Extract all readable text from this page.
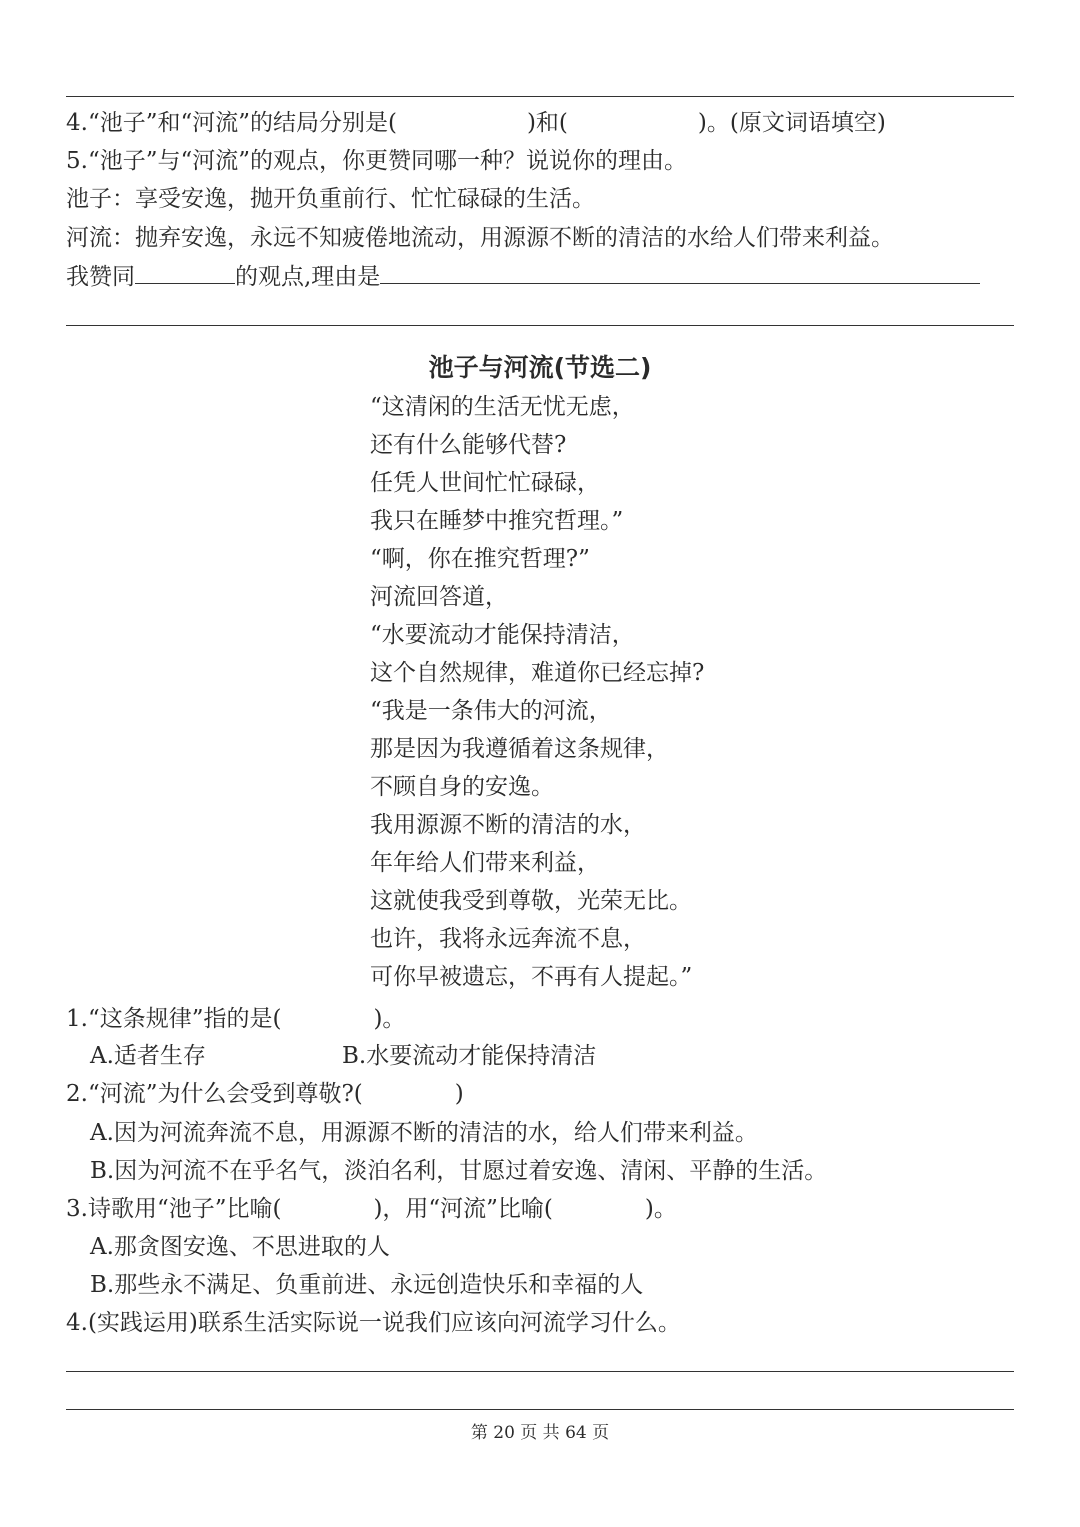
4.“池子”和“河流”的结局分别是(	)和(	)。(原文词语填空)
5.“池子”与“河流”的观点，你更赞同哪一种？说说你的理由。
池子：享受安逸，抛开负重前行、忙忙碌碌的生活。
河流：抛弃安逸，永远不知疲倦地流动，用源源不断的清洁的水给人们带来利益。
我赞同	的观点,理由是
池子与河流(节选二)
“这清闲的生活无忧无虑，
还有什么能够代替?
任凭人世间忙忙碌碌，
我只在睡梦中推究哲理。”
“啊，你在推究哲理?”
河流回答道，
“水要流动才能保持清洁，
这个自然规律，难道你已经忘掉?
“我是一条伟大的河流，
那是因为我遵循着这条规律，
不顾自身的安逸。
我用源源不断的清洁的水，
年年给人们带来利益，
这就使我受到尊敬，光荣无比。
也许，我将永远奔流不息，
可你早被遗忘，不再有人提起。”
1.“这条规律”指的是(	)。
A.适者生存	B.水要流动才能保持清洁
2.“河流”为什么会受到尊敬?(	)
A.因为河流奔流不息，用源源不断的清洁的水，给人们带来利益。
B.因为河流不在乎名气，淡泊名利，甘愿过着安逸、清闲、平静的生活。
3.诗歌用“池子”比喻(	)，用“河流”比喻(	)。
A.那贪图安逸、不思进取的人
B.那些永不满足、负重前进、永远创造快乐和幸福的人
4.(实践运用)联系生活实际说一说我们应该向河流学习什么。
第 20 页 共 64 页
